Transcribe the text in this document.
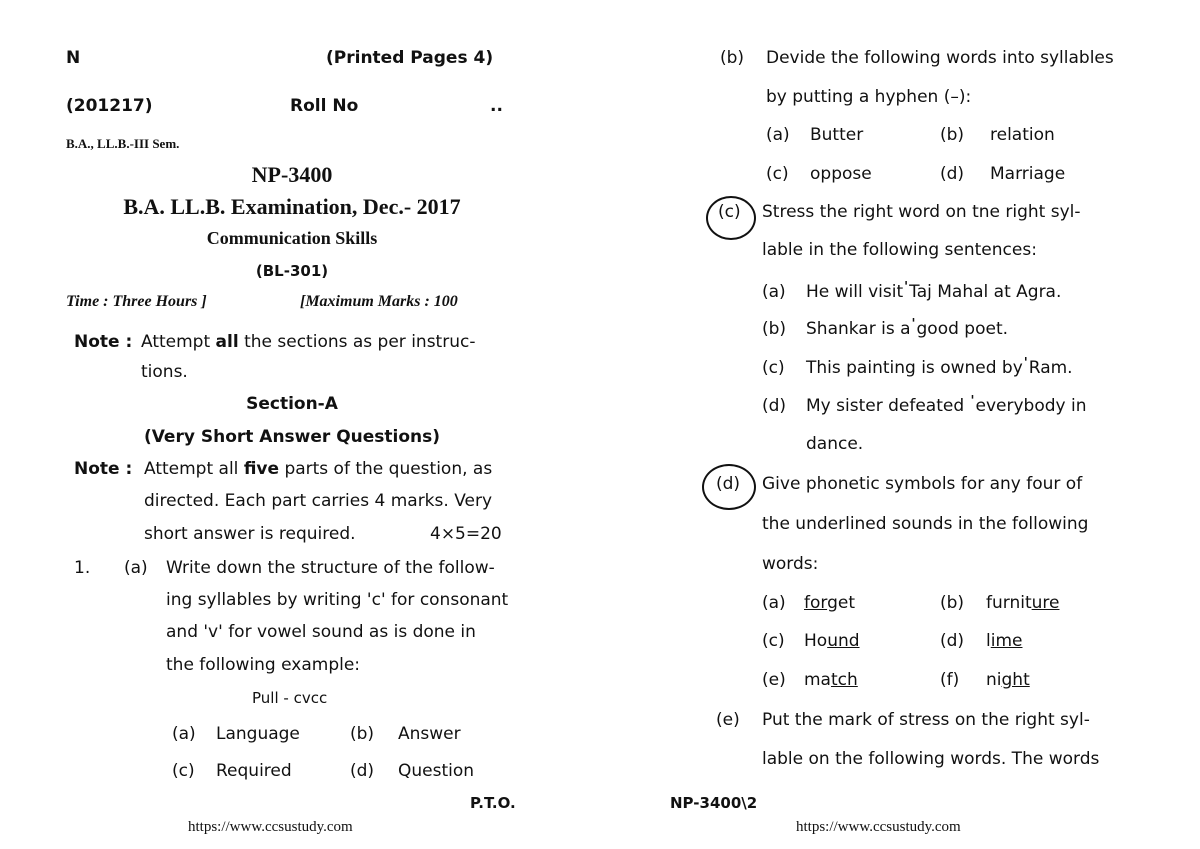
N	(Printed Pages 4)
(201217)	Roll No	..
B.A., LL.B.-III Sem.
NP-3400
B.A. LL.B. Examination, Dec.- 2017
Communication Skills
(BL-301)
Time : Three Hours ]	[Maximum Marks : 100
Note : Attempt all the sections as per instruc-
tions.
Section-A
(Very Short Answer Questions)
Note : Attempt all five parts of the question, as
directed. Each part carries 4 marks. Very
short answer is required.	4×5=20
1. (a) Write down the structure of the follow-
ing syllables by writing 'c' for consonant
and 'v' for vowel sound as is done in
the following example:
Pull - cvcc
(a) Language	(b) Answer
(c) Required	(d) Question
P.T.O.
https://www.ccsustudy.com
(b) Devide the following words into syllables
by putting a hyphen (–):
(a) Butter	(b) relation
(c) oppose	(d) Marriage
(c) Stress the right word on tne right syl-
lable in the following sentences:
(a) He will visit'Taj Mahal at Agra.
(b) Shankar is a'good poet.
(c) This painting is owned by'Ram.
(d) My sister defeated 'everybody in
dance.
(d) Give phonetic symbols for any four of
the underlined sounds in the following
words:
(a) forget	(b) furniture
(c) Hound	(d) lime
(e) match	(f) night
(e) Put the mark of stress on the right syl-
lable on the following words. The words
NP-3400\2
https://www.ccsustudy.com
